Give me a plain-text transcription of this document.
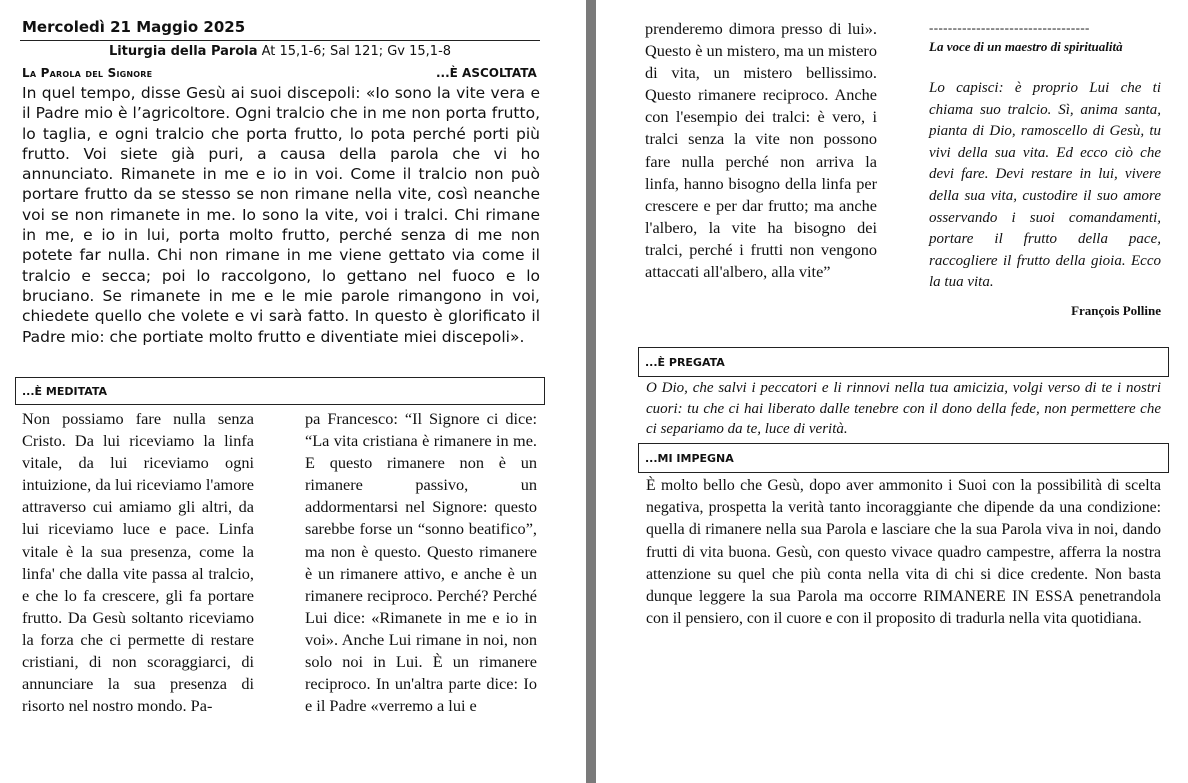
Mercoledì 21 Maggio 2025
Liturgia della Parola At 15,1-6; Sal 121; Gv 15,1-8
La Parola del Signore	...È ASCOLTATA
In quel tempo, disse Gesù ai suoi discepoli: «Io sono la vite vera e il Padre mio è l’agricoltore. Ogni tralcio che in me non porta frutto, lo taglia, e ogni tralcio che porta frutto, lo pota perché porti più frutto. Voi siete già puri, a causa della parola che vi ho annunciato. Rimanete in me e io in voi. Come il tralcio non può portare frutto da se stesso se non rimane nella vite, così neanche voi se non rimanete in me. Io sono la vite, voi i tralci. Chi rimane in me, e io in lui, porta molto frutto, perché senza di me non potete far nulla. Chi non rimane in me viene gettato via come il tralcio e secca; poi lo raccolgono, lo gettano nel fuoco e lo bruciano. Se rimanete in me e le mie parole rimangono in voi, chiedete quello che volete e vi sarà fatto. In questo è glorificato il Padre mio: che portiate molto frutto e diventiate miei discepoli».
...È MEDITATA
Non possiamo fare nulla senza Cristo. Da lui riceviamo la linfa vitale, da lui riceviamo ogni intuizione, da lui riceviamo l'amore attraverso cui amiamo gli altri, da lui riceviamo luce e pace. Linfa vitale è la sua presenza, come la linfa' che dalla vite passa al tralcio, e che lo fa crescere, gli fa portare frutto. Da Gesù soltanto riceviamo la forza che ci permette di restare cristiani, di non scoraggiarci, di annunciare la sua presenza di risorto nel nostro mondo. Pa-
pa Francesco: “Il Signore ci dice: “La vita cristiana è rimanere in me. E questo rimanere non è un rimanere passivo, un addormentarsi nel Signore: questo sarebbe forse un “sonno beatifico”, ma non è questo. Questo rimanere è un rimanere attivo, e anche è un rimanere reciproco. Perché? Perché Lui dice: «Rimanete in me e io in voi». Anche Lui rimane in noi, non solo noi in Lui. È un rimanere reciproco. In un'altra parte dice: Io e il Padre «verremo a lui e
prenderemo dimora presso di lui». Questo è un mistero, ma un mistero di vita, un mistero bellissimo. Questo rimanere reciproco. Anche con l'esempio dei tralci: è vero, i tralci senza la vite non possono fare nulla perché non arriva la linfa, hanno bisogno della linfa per crescere e per dar frutto; ma anche l'albero, la vite ha bisogno dei tralci, perché i frutti non vengono attaccati all'albero, alla vite”
----------------------------------
La voce di un maestro di spiritualità
Lo capisci: è proprio Lui che ti chiama suo tralcio. Sì, anima santa, pianta di Dio, ramoscello di Gesù, tu vivi della sua vita. Ed ecco ciò che devi fare. Devi restare in lui, vivere della sua vita, custodire il suo amore osservando i suoi comandamenti, portare il frutto della pace, raccogliere il frutto della gioia. Ecco la tua vita.
François Polline
...È PREGATA
O Dio, che salvi i peccatori e li rinnovi nella tua amicizia, volgi verso di te i nostri cuori: tu che ci hai liberato dalle tenebre con il dono della fede, non permettere che ci separiamo da te, luce di verità.
...MI IMPEGNA
È molto bello che Gesù, dopo aver ammonito i Suoi con la possibilità di scelta negativa, prospetta la verità tanto incoraggiante che dipende da una condizione: quella di rimanere nella sua Parola e lasciare che la sua Parola viva in noi, dando frutti di vita buona. Gesù, con questo vivace quadro campestre, afferra la nostra attenzione su quel che più conta nella vita di chi si dice credente. Non basta dunque leggere la sua Parola ma occorre RIMANERE IN ESSA penetrandola con il pensiero, con il cuore e con il proposito di tradurla nella vita quotidiana.
